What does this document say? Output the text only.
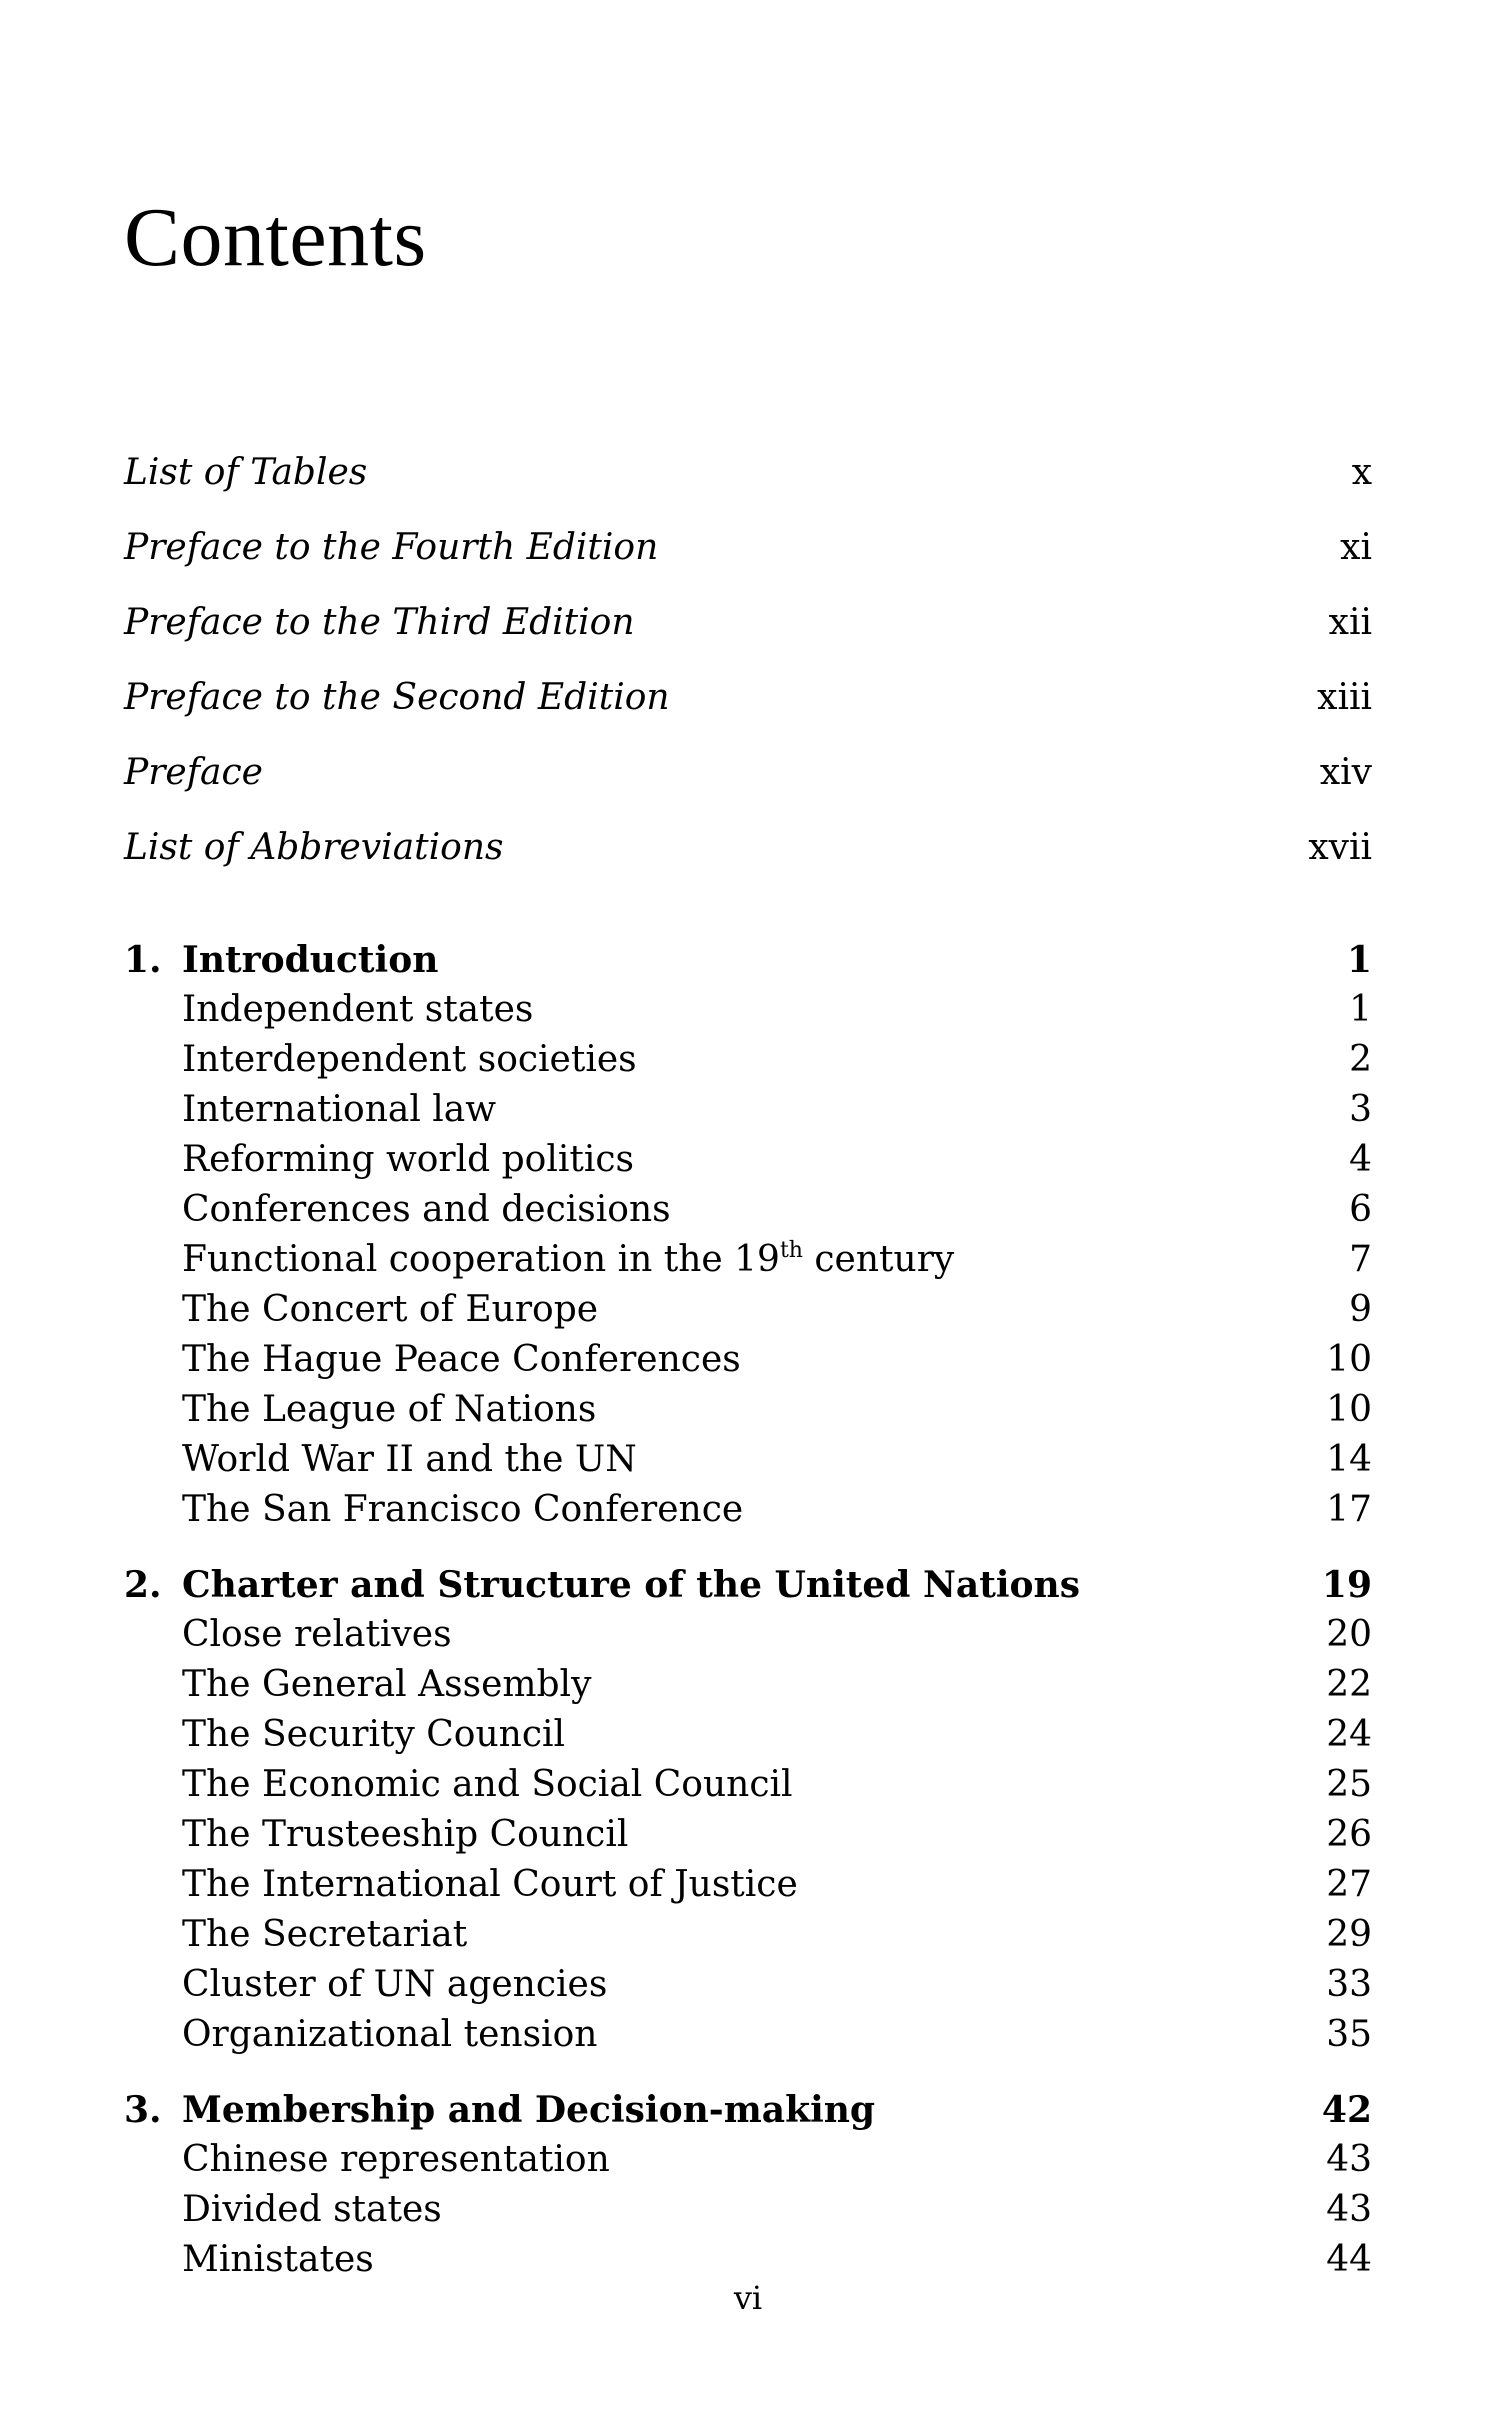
Contents
List of Tables	x
Preface to the Fourth Edition	xi
Preface to the Third Edition	xii
Preface to the Second Edition	xiii
Preface	xiv
List of Abbreviations	xvii
1. Introduction	1
Independent states	1
Interdependent societies	2
International law	3
Reforming world politics	4
Conferences and decisions	6
Functional cooperation in the 19th century	7
The Concert of Europe	9
The Hague Peace Conferences	10
The League of Nations	10
World War II and the UN	14
The San Francisco Conference	17
2. Charter and Structure of the United Nations	19
Close relatives	20
The General Assembly	22
The Security Council	24
The Economic and Social Council	25
The Trusteeship Council	26
The International Court of Justice	27
The Secretariat	29
Cluster of UN agencies	33
Organizational tension	35
3. Membership and Decision-making	42
Chinese representation	43
Divided states	43
Ministates	44
vi
